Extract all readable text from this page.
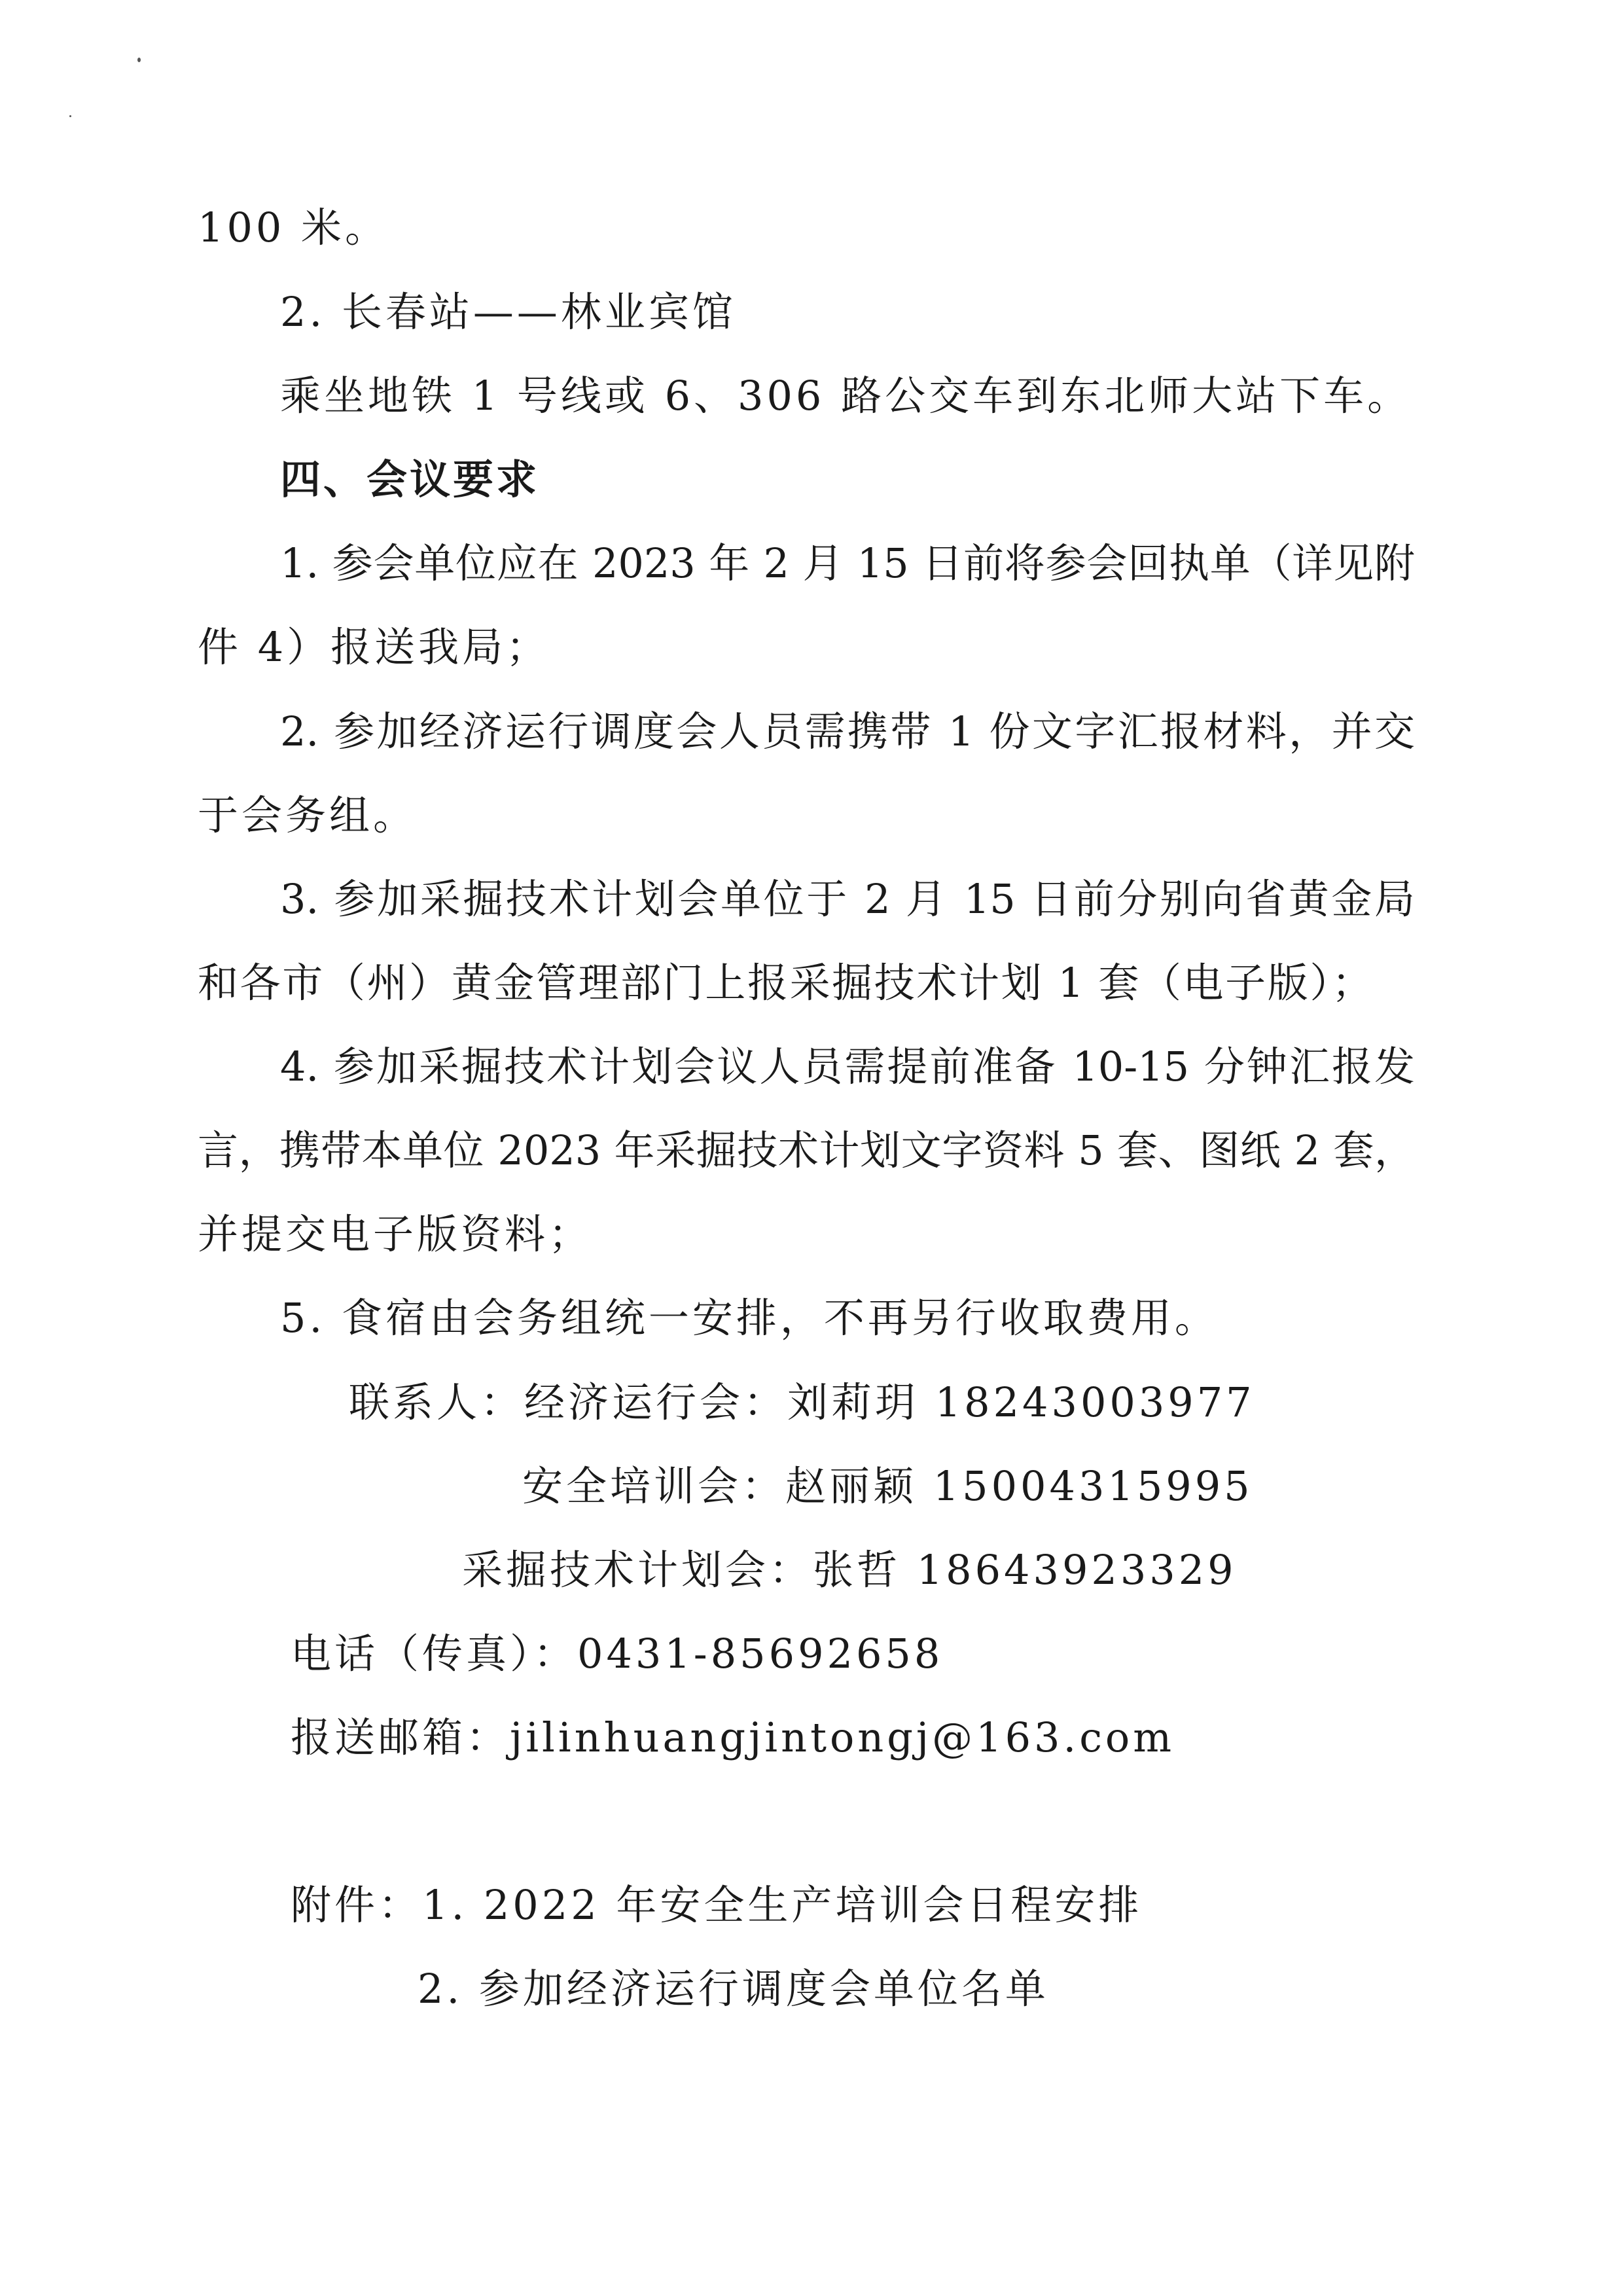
100 米。
2. 长春站——林业宾馆
乘坐地铁 1 号线或 6、306 路公交车到东北师大站下车。
四、会议要求
1. 参会单位应在 2023 年 2 月 15 日前将参会回执单（详见附
件 4）报送我局；
2. 参加经济运行调度会人员需携带 1 份文字汇报材料，并交
于会务组。
3. 参加采掘技术计划会单位于 2 月 15 日前分别向省黄金局
和各市（州）黄金管理部门上报采掘技术计划 1 套（电子版）；
4. 参加采掘技术计划会议人员需提前准备 10-15 分钟汇报发
言，携带本单位 2023 年采掘技术计划文字资料 5 套、图纸 2 套，
并提交电子版资料；
5. 食宿由会务组统一安排，不再另行收取费用。
联系人：经济运行会：刘莉玥 18243003977
安全培训会：赵丽颖 15004315995
采掘技术计划会：张哲 18643923329
电话（传真）：0431-85692658
报送邮箱：jilinhuangjintongj@163.com
附件：1. 2022 年安全生产培训会日程安排
2. 参加经济运行调度会单位名单
